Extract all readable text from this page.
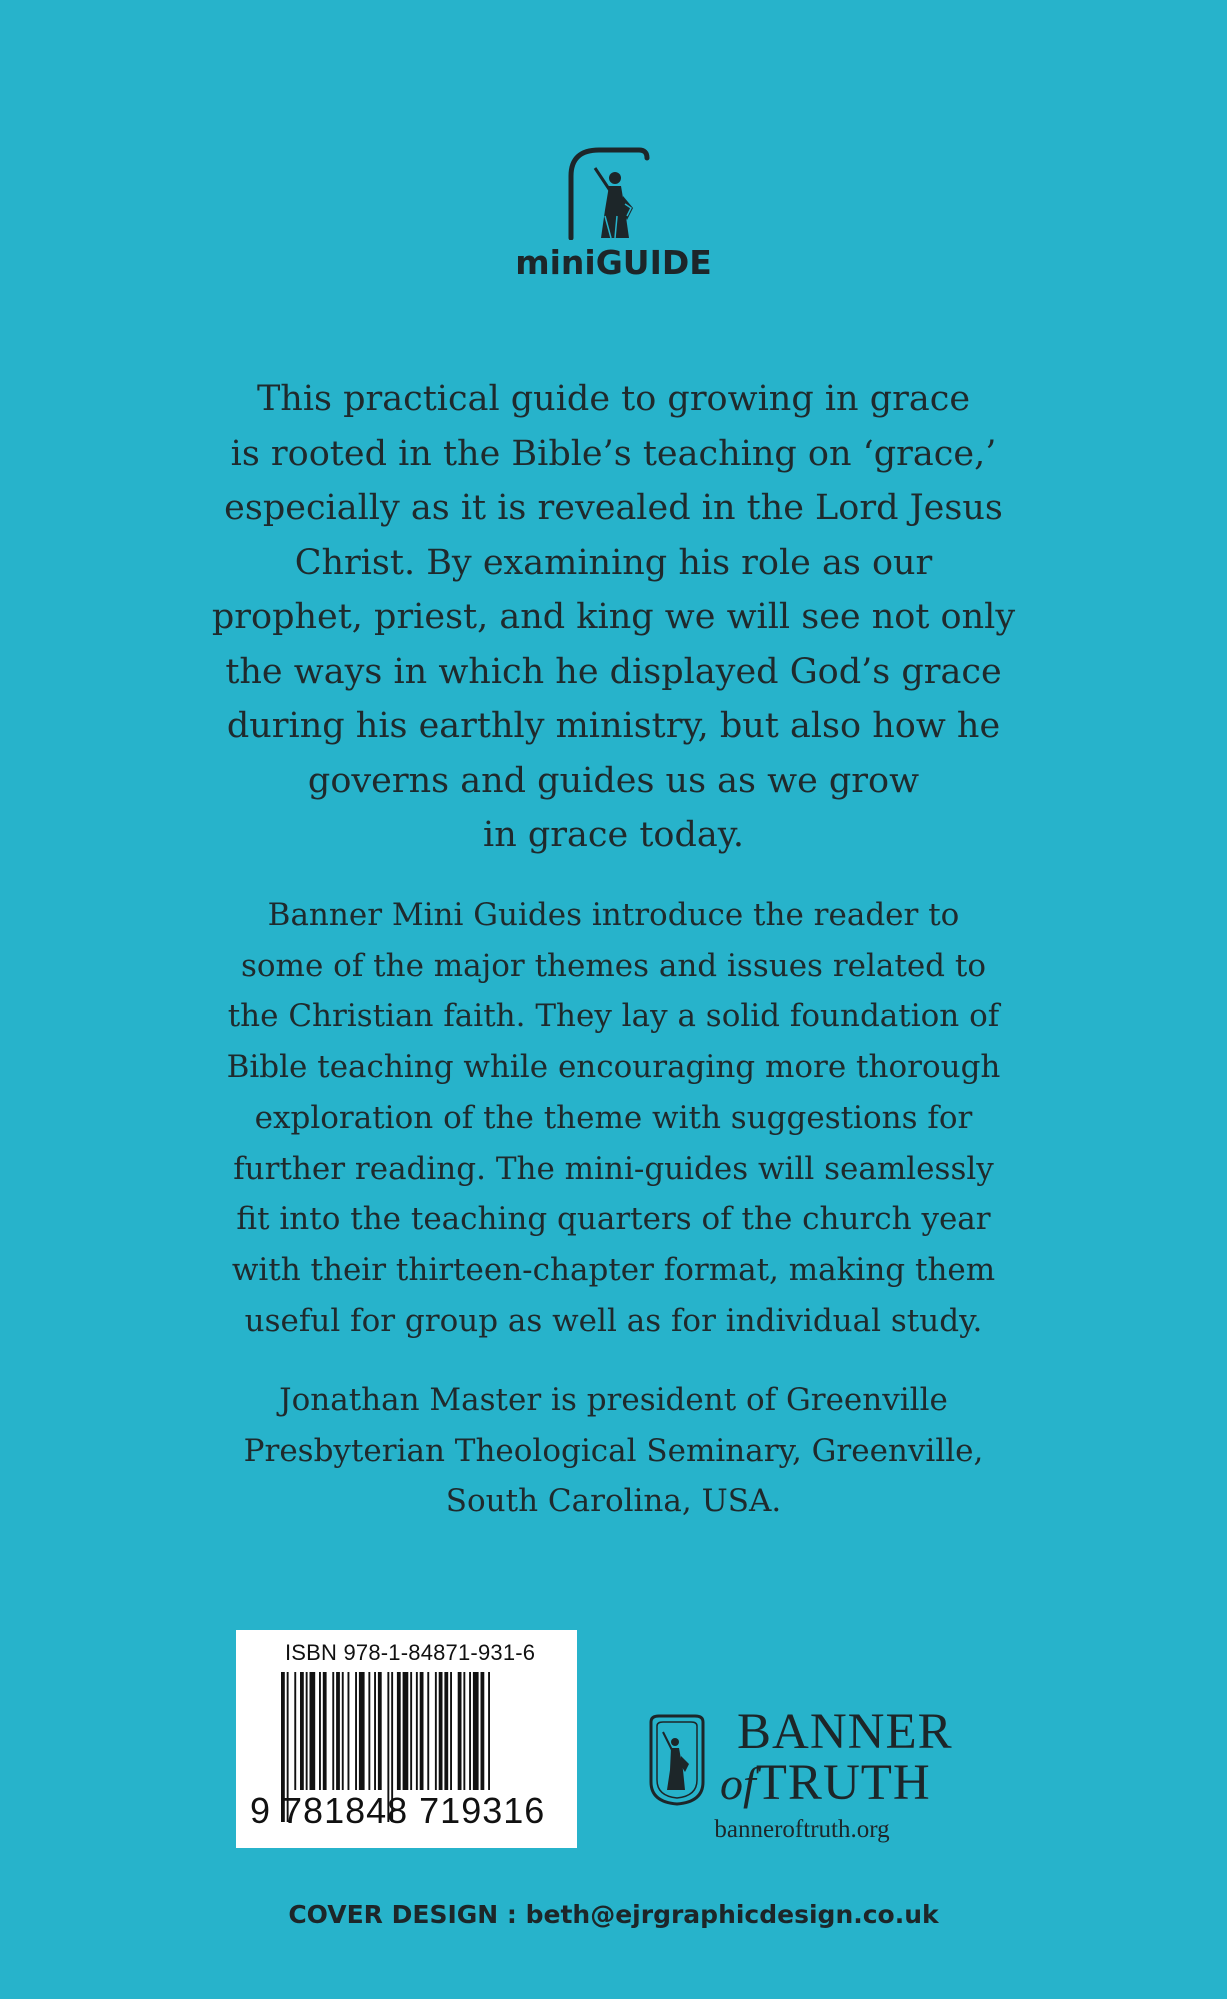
miniGUIDE
This practical guide to growing in grace
is rooted in the Bible’s teaching on ‘grace,’
especially as it is revealed in the Lord Jesus
Christ. By examining his role as our
prophet, priest, and king we will see not only
the ways in which he displayed God’s grace
during his earthly ministry, but also how he
governs and guides us as we grow
in grace today.
Banner Mini Guides introduce the reader to
some of the major themes and issues related to
the Christian faith. They lay a solid foundation of
Bible teaching while encouraging more thorough
exploration of the theme with suggestions for
further reading. The mini-guides will seamlessly
fit into the teaching quarters of the church year
with their thirteen-chapter format, making them
useful for group as well as for individual study.
Jonathan Master is president of Greenville
Presbyterian Theological Seminary, Greenville,
South Carolina, USA.
ISBN 978-1-84871-931-6
9 781848 719316
BANNER
ofTRUTH
banneroftruth.org
COVER DESIGN : beth@ejrgraphicdesign.co.uk
